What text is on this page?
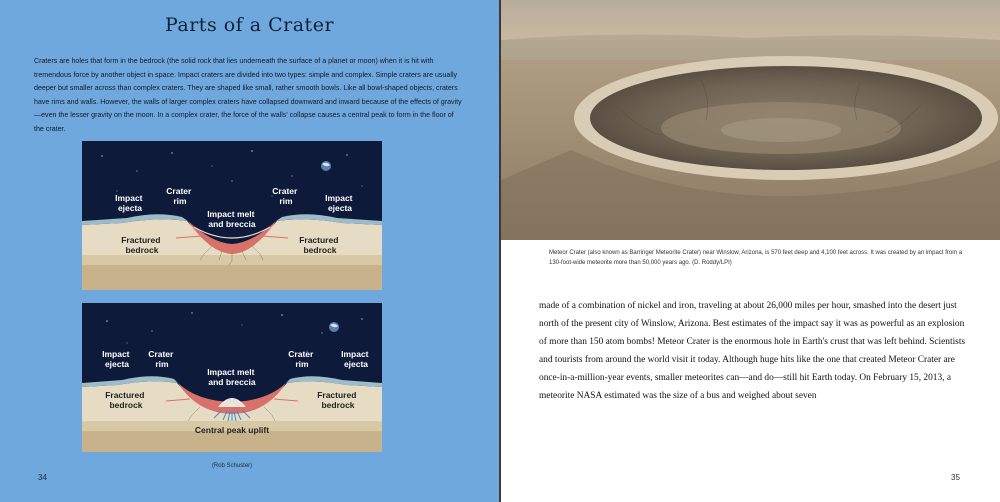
Parts of a Crater

Craters are holes that form in the bedrock (the solid rock that lies underneath the surface of a planet or moon) when it is hit with tremendous force by another object in space. Impact craters are divided into two types: simple and complex. Simple craters are usually deeper but smaller across than complex craters. They are shaped like small, rather smooth bowls. Like all bowl-shaped objects, craters have rims and walls. However, the walls of larger complex craters have collapsed downward and inward because of the effects of gravity—even the lesser gravity on the moon. In a complex crater, the force of the walls' collapse causes a central peak to form in the floor of the crater.

Impact ejecta
Crater rim
Impact melt and breccia
Crater rim	Impact ejecta
Fractured bedrock
Fractured bedrock
Impact ejecta
Crater rim
Impact melt and breccia
Crater rim
Impact ejecta
Fractured bedrock
Fractured bedrock
Central peak uplift
(Rob Schuster)
34

Meteor Crater (also known as Barringer Meteorite Crater) near Winslow, Arizona, is 570 feet deep and 4,100 feet across. It was created by an impact from a 130-foot-wide meteorite more than 50,000 years ago. (D. Roddy/LPI)

made of a combination of nickel and iron, traveling at about 26,000 miles per hour, smashed into the desert just north of the present city of Winslow, Arizona. Best estimates of the impact say it was as powerful as an explosion of more than 150 atom bombs! Meteor Crater is the enormous hole in Earth's crust that was left behind. Scientists and tourists from around the world visit it today. Although huge hits like the one that created Meteor Crater are once-in-a-million-year events, smaller meteorites can—and do—still hit Earth today. On February 15, 2013, a meteorite NASA estimated was the size of a bus and weighed about seven

35
